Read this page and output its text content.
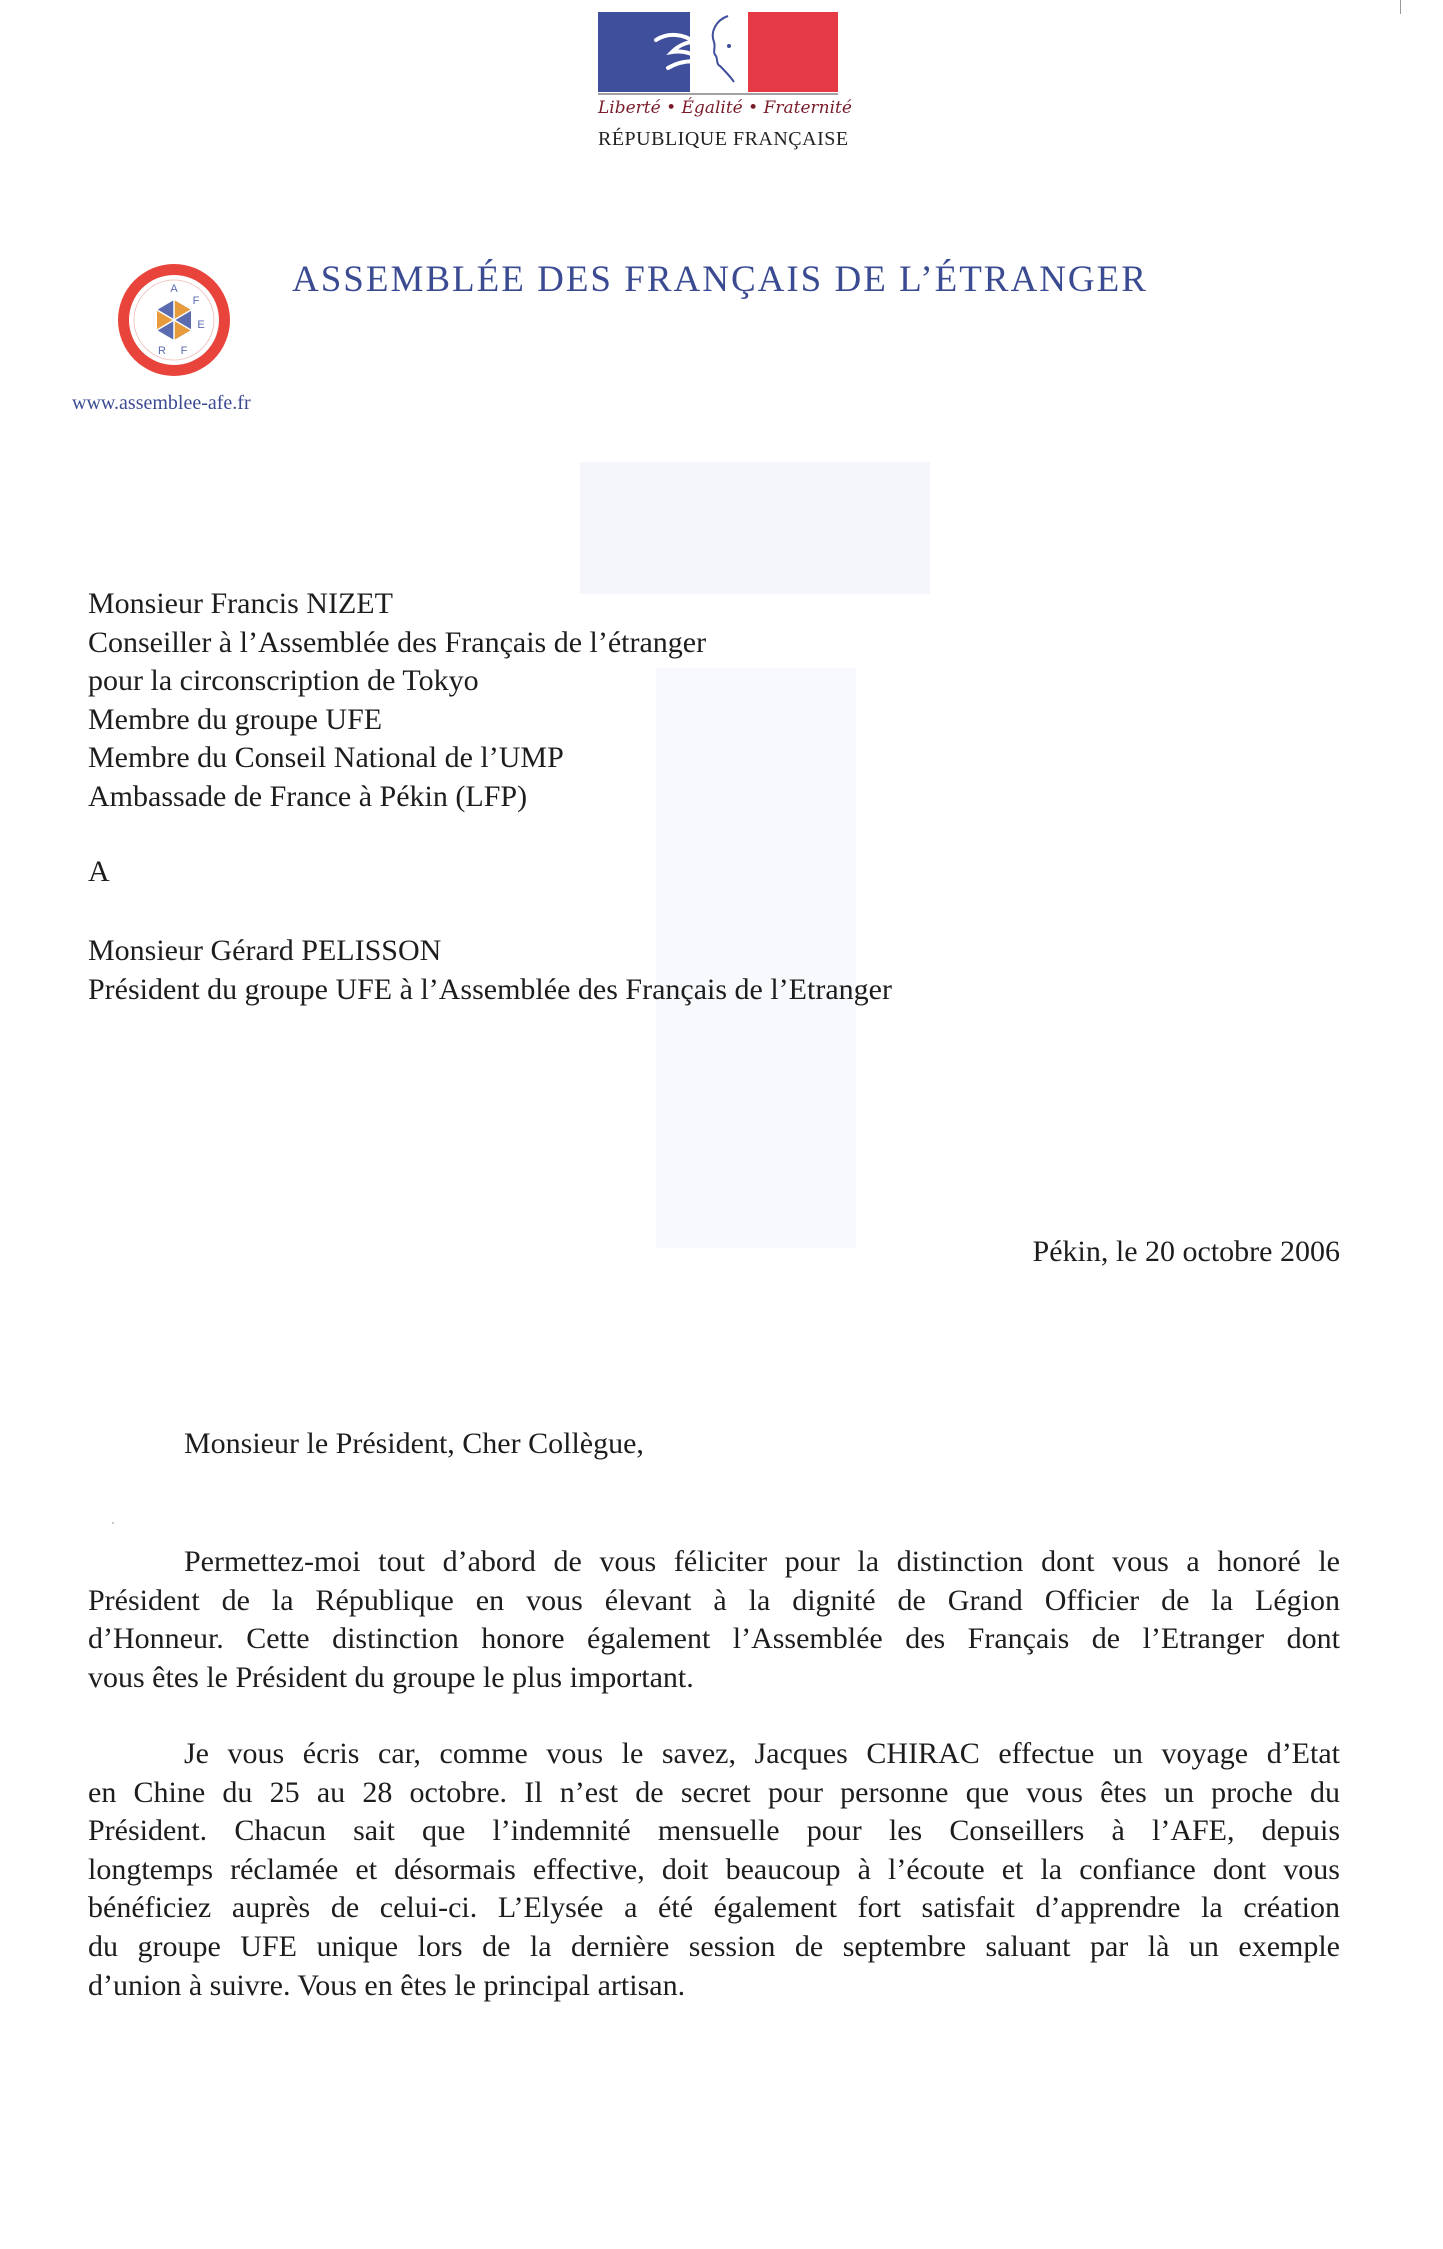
Liberté • Égalité • Fraternité
RÉPUBLIQUE FRANÇAISE
A
F
E
R F
ASSEMBLÉE DES FRANÇAIS DE L’ÉTRANGER
www.assemblee-afe.fr
Monsieur Francis NIZET
Conseiller à l’Assemblée des Français de l’étranger
pour la circonscription de Tokyo
Membre du groupe UFE
Membre du Conseil National de l’UMP
Ambassade de France à Pékin (LFP)
A
Monsieur Gérard PELISSON
Président du groupe UFE à l’Assemblée des Français de l’Etranger
Pékin, le 20 octobre 2006
Monsieur le Président, Cher Collègue,
Permettez-moi tout d’abord de vous féliciter pour la distinction dont vous a honoré le
Président de la République en vous élevant à la dignité de Grand Officier de la Légion
d’Honneur. Cette distinction honore également l’Assemblée des Français de l’Etranger dont
vous êtes le Président du groupe le plus important.
Je vous écris car, comme vous le savez, Jacques CHIRAC effectue un voyage d’Etat
en Chine du 25 au 28 octobre. Il n’est de secret pour personne que vous êtes un proche du
Président. Chacun sait que l’indemnité mensuelle pour les Conseillers à l’AFE, depuis
longtemps réclamée et désormais effective, doit beaucoup à l’écoute et la confiance dont vous
bénéficiez auprès de celui-ci. L’Elysée a été également fort satisfait d’apprendre la création
du groupe UFE unique lors de la dernière session de septembre saluant par là un exemple
d’union à suivre. Vous en êtes le principal artisan.
